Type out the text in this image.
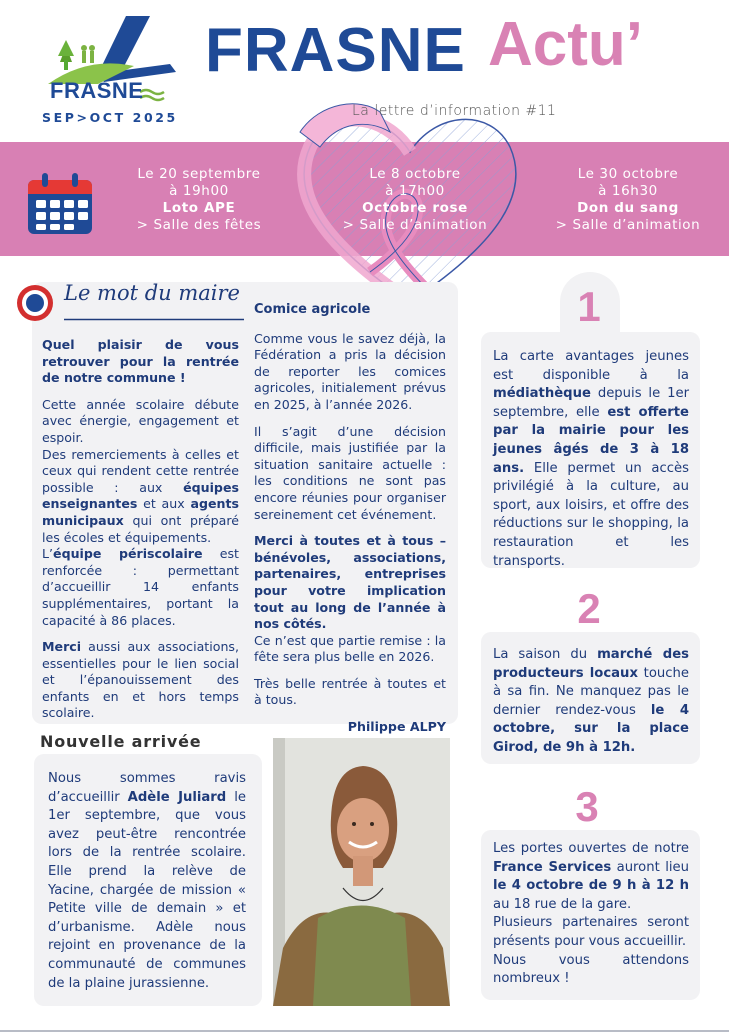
FRASNE
SEP>OCT 2025
FRASNE Actu’
La lettre d’information #11
Le 20 septembre
à 19h00
Loto APE
> Salle des fêtes
Le 8 octobre
à 17h00
Octobre rose
> Salle d’animation
Le 30 octobre
à 16h30
Don du sang
> Salle d’animation
Le mot du maire

Quel plaisir de vous retrouver pour la rentrée de notre commune !

Cette année scolaire débute avec énergie, engagement et espoir.

Des remerciements à celles et ceux qui rendent cette rentrée possible : aux équipes enseignantes et aux agents municipaux qui ont préparé les écoles et équipements.

L’équipe périscolaire est renforcée : permettant d’accueillir 14 enfants supplémentaires, portant la capacité à 86 places.

Merci aussi aux associations, essentielles pour le lien social et l’épanouissement des enfants en et hors temps scolaire.

Comice agricole

Comme vous le savez déjà, la Fédération a pris la décision de reporter les comices agricoles, initialement prévus en 2025, à l’année 2026.

Il s’agit d’une décision difficile, mais justifiée par la situation sanitaire actuelle : les conditions ne sont pas encore réunies pour organiser sereinement cet événement.

Merci à toutes et à tous – bénévoles, associations, partenaires, entreprises pour votre implication tout au long de l’année à nos côtés.

Ce n’est que partie remise : la fête sera plus belle en 2026.

Très belle rentrée à toutes et à tous.

Philippe ALPY

Nouvelle arrivée
Nous sommes ravis d’accueillir Adèle Juliard le 1er septembre, que vous avez peut-être rencontrée lors de la rentrée scolaire. Elle prend la relève de Yacine, chargée de mission « Petite ville de demain » et d’urbanisme. Adèle nous rejoint en provenance de la communauté de communes de la plaine jurassienne.
1
La carte avantages jeunes est disponible à la médiathèque depuis le 1er septembre, elle est offerte par la mairie pour les jeunes âgés de 3 à 18 ans. Elle permet un accès privilégié à la culture, au sport, aux loisirs, et offre des réductions sur le shopping, la restauration et les transports.
2
La saison du marché des producteurs locaux touche à sa fin. Ne manquez pas le dernier rendez-vous le 4 octobre, sur la place Girod, de 9h à 12h.
3
Les portes ouvertes de notre France Services auront lieu le 4 octobre de 9 h à 12 h au 18 rue de la gare.
Plusieurs partenaires seront présents pour vous accueillir.
Nous vous attendons nombreux !
